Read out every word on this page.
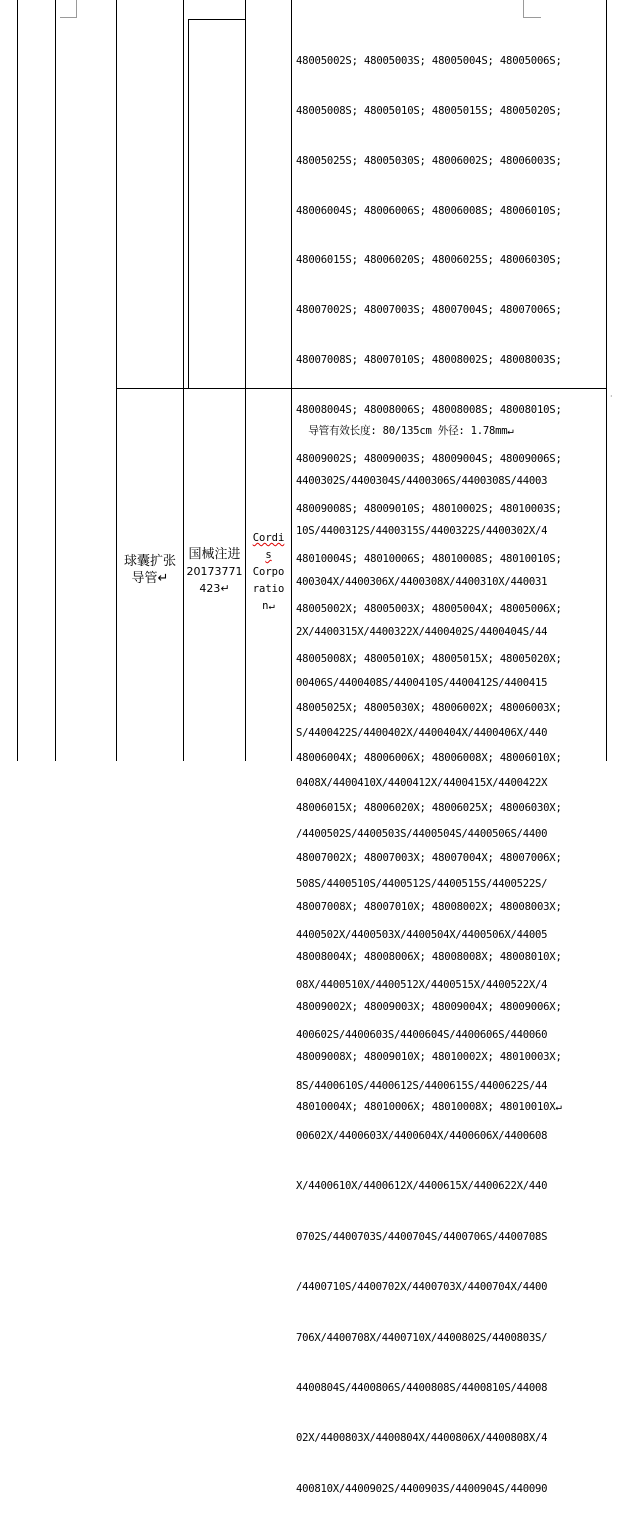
48005002S; 48005003S; 48005004S; 48005006S;

48005008S; 48005010S; 48005015S; 48005020S;

48005025S; 48005030S; 48006002S; 48006003S;

48006004S; 48006006S; 48006008S; 48006010S;

48006015S; 48006020S; 48006025S; 48006030S;

48007002S; 48007003S; 48007004S; 48007006S;

48007008S; 48007010S; 48008002S; 48008003S;

48008004S; 48008006S; 48008008S; 48008010S;

48009002S; 48009003S; 48009004S; 48009006S;

48009008S; 48009010S; 48010002S; 48010003S;

48010004S; 48010006S; 48010008S; 48010010S;

48005002X; 48005003X; 48005004X; 48005006X;

48005008X; 48005010X; 48005015X; 48005020X;

48005025X; 48005030X; 48006002X; 48006003X;

48006004X; 48006006X; 48006008X; 48006010X;

48006015X; 48006020X; 48006025X; 48006030X;

48007002X; 48007003X; 48007004X; 48007006X;

48007008X; 48007010X; 48008002X; 48008003X;

48008004X; 48008006X; 48008008X; 48008010X;

48009002X; 48009003X; 48009004X; 48009006X;

48009008X; 48009010X; 48010002X; 48010003X;

48010004X; 48010006X; 48010008X; 48010010X↵

球囊扩张
导管↵
国械注进
20173771
423↵
Cordi
s
Corpo
ratio
n↵

导管有效长度: 80/135cm 外径: 1.78mm↵

4400302S/4400304S/4400306S/4400308S/44003

10S/4400312S/4400315S/4400322S/4400302X/4

400304X/4400306X/4400308X/4400310X/440031

2X/4400315X/4400322X/4400402S/4400404S/44

00406S/4400408S/4400410S/4400412S/4400415

S/4400422S/4400402X/4400404X/4400406X/440

0408X/4400410X/4400412X/4400415X/4400422X

/4400502S/4400503S/4400504S/4400506S/4400

508S/4400510S/4400512S/4400515S/4400522S/

4400502X/4400503X/4400504X/4400506X/44005

08X/4400510X/4400512X/4400515X/4400522X/4

400602S/4400603S/4400604S/4400606S/440060

8S/4400610S/4400612S/4400615S/4400622S/44

00602X/4400603X/4400604X/4400606X/4400608

X/4400610X/4400612X/4400615X/4400622X/440

0702S/4400703S/4400704S/4400706S/4400708S

/4400710S/4400702X/4400703X/4400704X/4400

706X/4400708X/4400710X/4400802S/4400803S/

4400804S/4400806S/4400808S/4400810S/44008

02X/4400803X/4400804X/4400806X/4400808X/4

400810X/4400902S/4400903S/4400904S/440090

·
